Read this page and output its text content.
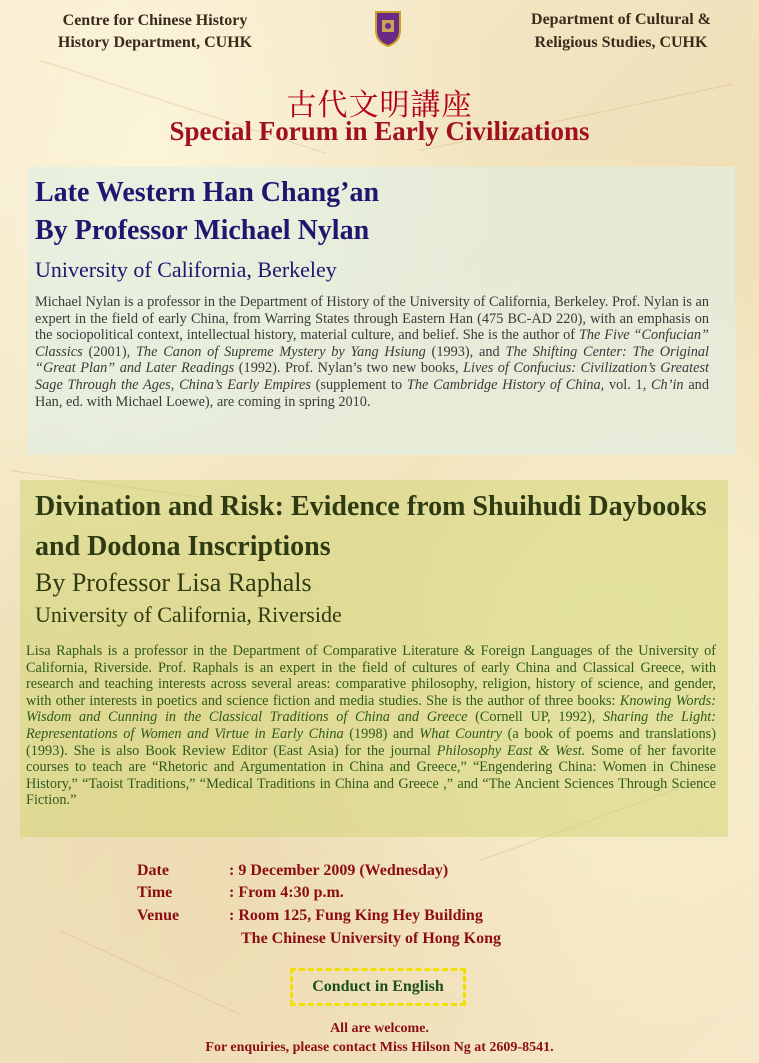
Centre for Chinese History
History Department, CUHK
Department of Cultural &
Religious Studies, CUHK
古代文明講座
Special Forum in Early Civilizations
Late Western Han Chang’an
By Professor Michael Nylan
University of California, Berkeley
Michael Nylan is a professor in the Department of History of the University of California, Berkeley. Prof. Nylan is an expert in the field of early China, from Warring States through Eastern Han (475 BC-AD 220), with an emphasis on the sociopolitical context, intellectual history, material culture, and belief. She is the author of The Five “Confucian” Classics (2001), The Canon of Supreme Mystery by Yang Hsiung (1993), and The Shifting Center: The Original “Great Plan” and Later Readings (1992). Prof. Nylan’s two new books, Lives of Confucius: Civilization’s Greatest Sage Through the Ages, China’s Early Empires (supplement to The Cambridge History of China, vol. 1, Ch’in and Han, ed. with Michael Loewe), are coming in spring 2010.
Divination and Risk: Evidence from Shuihudi Daybooks and Dodona Inscriptions
By Professor Lisa Raphals
University of California, Riverside
Lisa Raphals is a professor in the Department of Comparative Literature & Foreign Languages of the University of California, Riverside. Prof. Raphals is an expert in the field of cultures of early China and Classical Greece, with research and teaching interests across several areas: comparative philosophy, religion, history of science, and gender, with other interests in poetics and science fiction and media studies. She is the author of three books: Knowing Words: Wisdom and Cunning in the Classical Traditions of China and Greece (Cornell UP, 1992), Sharing the Light: Representations of Women and Virtue in Early China (1998) and What Country (a book of poems and translations) (1993). She is also Book Review Editor (East Asia) for the journal Philosophy East & West. Some of her favorite courses to teach are “Rhetoric and Argumentation in China and Greece,” “Engendering China: Women in Chinese History,” “Taoist Traditions,” “Medical Traditions in China and Greece ,” and “The Ancient Sciences Through Science Fiction.”
Date	: 9 December 2009 (Wednesday)
Time	: From 4:30 p.m.
Venue	: Room 125, Fung King Hey Building
The Chinese University of Hong Kong
Conduct in English
All are welcome.
For enquiries, please contact Miss Hilson Ng at 2609-8541.
